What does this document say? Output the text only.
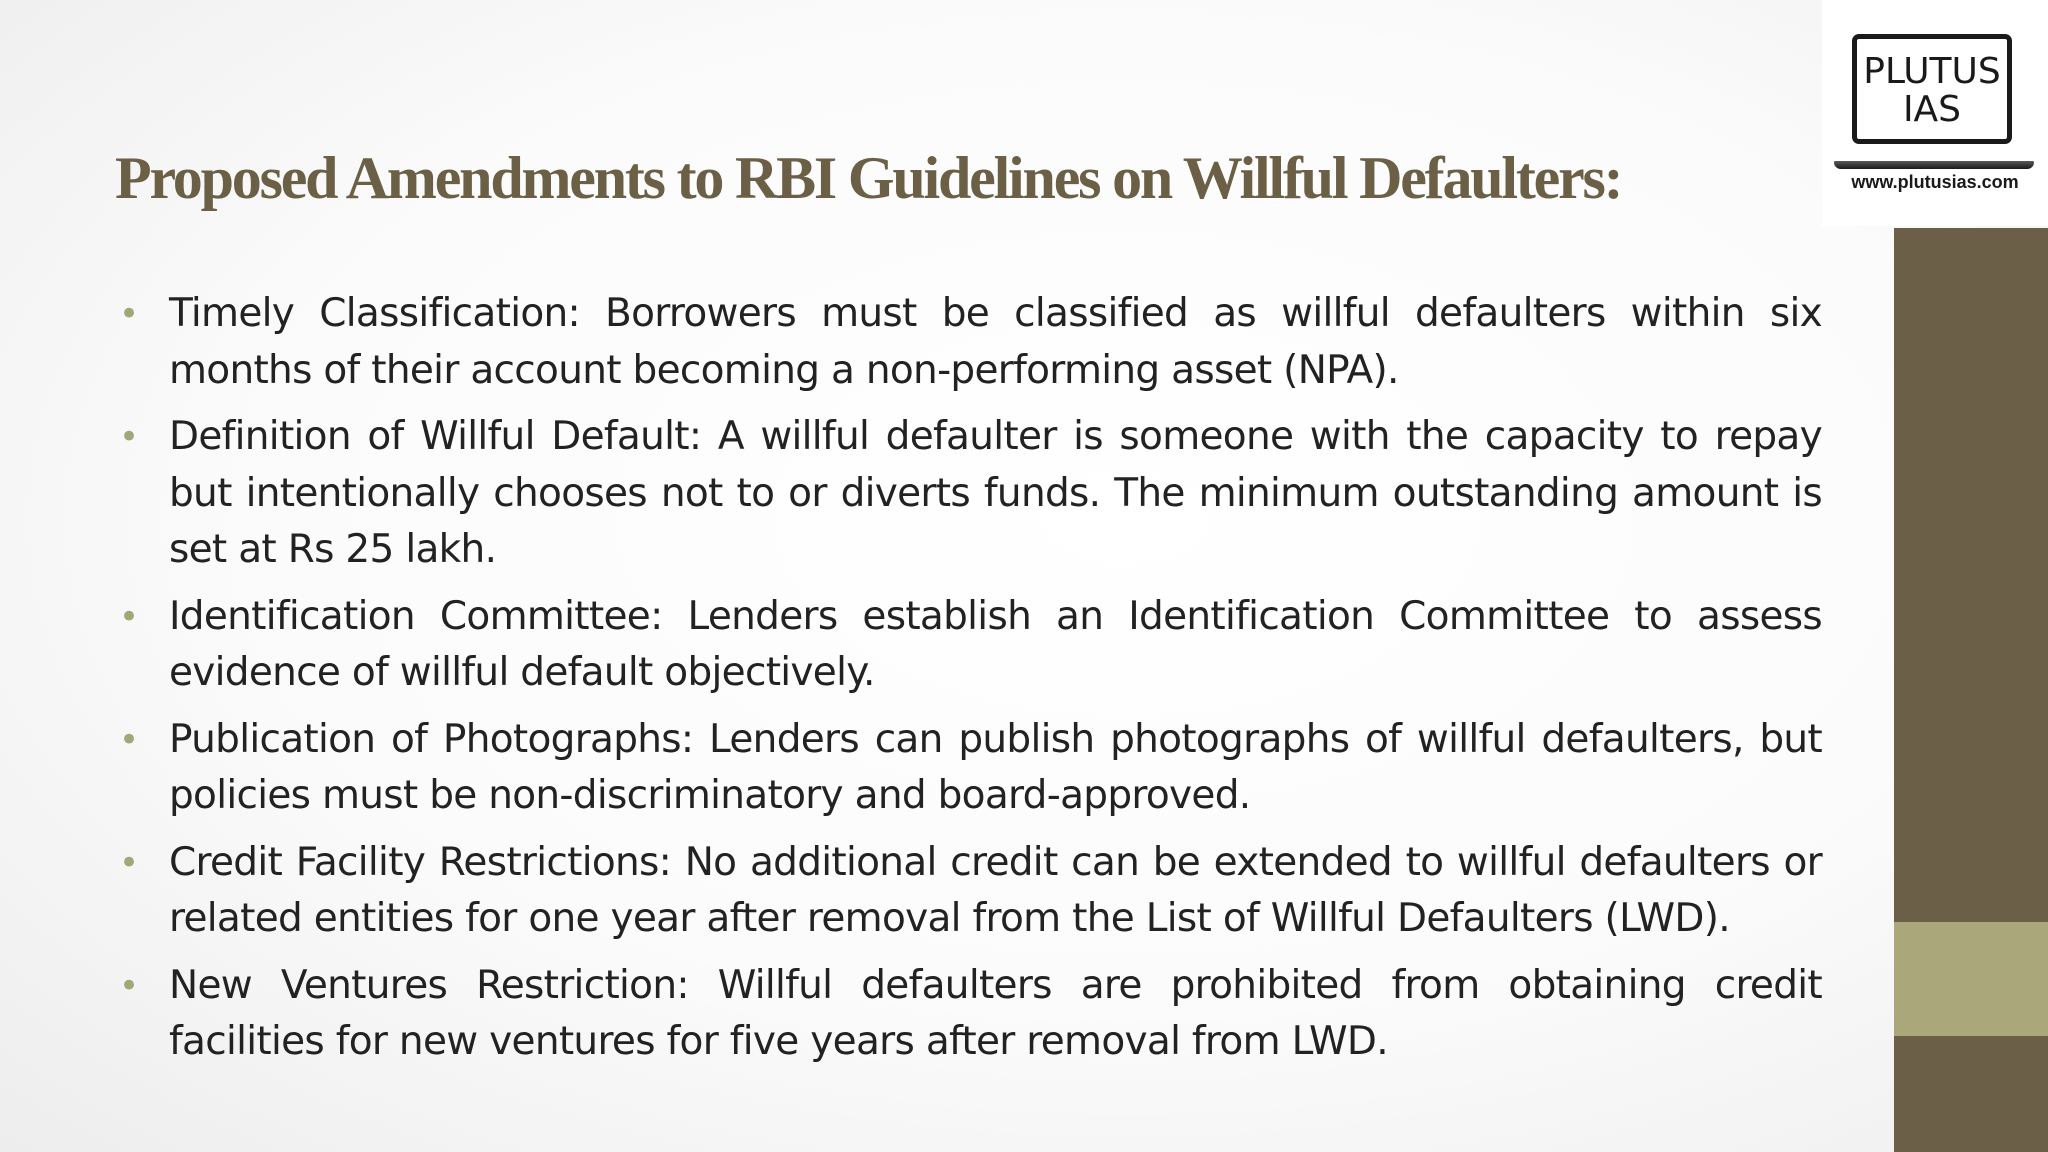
Proposed Amendments to RBI Guidelines on Willful Defaulters:
• Timely Classification: Borrowers must be classified as willful defaulters within six months of their account becoming a non-performing asset (NPA).
• Definition of Willful Default: A willful defaulter is someone with the capacity to repay but intentionally chooses not to or diverts funds. The minimum outstanding amount is set at Rs 25 lakh.
• Identification Committee: Lenders establish an Identification Committee to assess evidence of willful default objectively.
• Publication of Photographs: Lenders can publish photographs of willful defaulters, but policies must be non-discriminatory and board-approved.
• Credit Facility Restrictions: No additional credit can be extended to willful defaulters or related entities for one year after removal from the List of Willful Defaulters (LWD).
• New Ventures Restriction: Willful defaulters are prohibited from obtaining credit facilities for new ventures for five years after removal from LWD.
PLUTUS
IAS
www.plutusias.com
